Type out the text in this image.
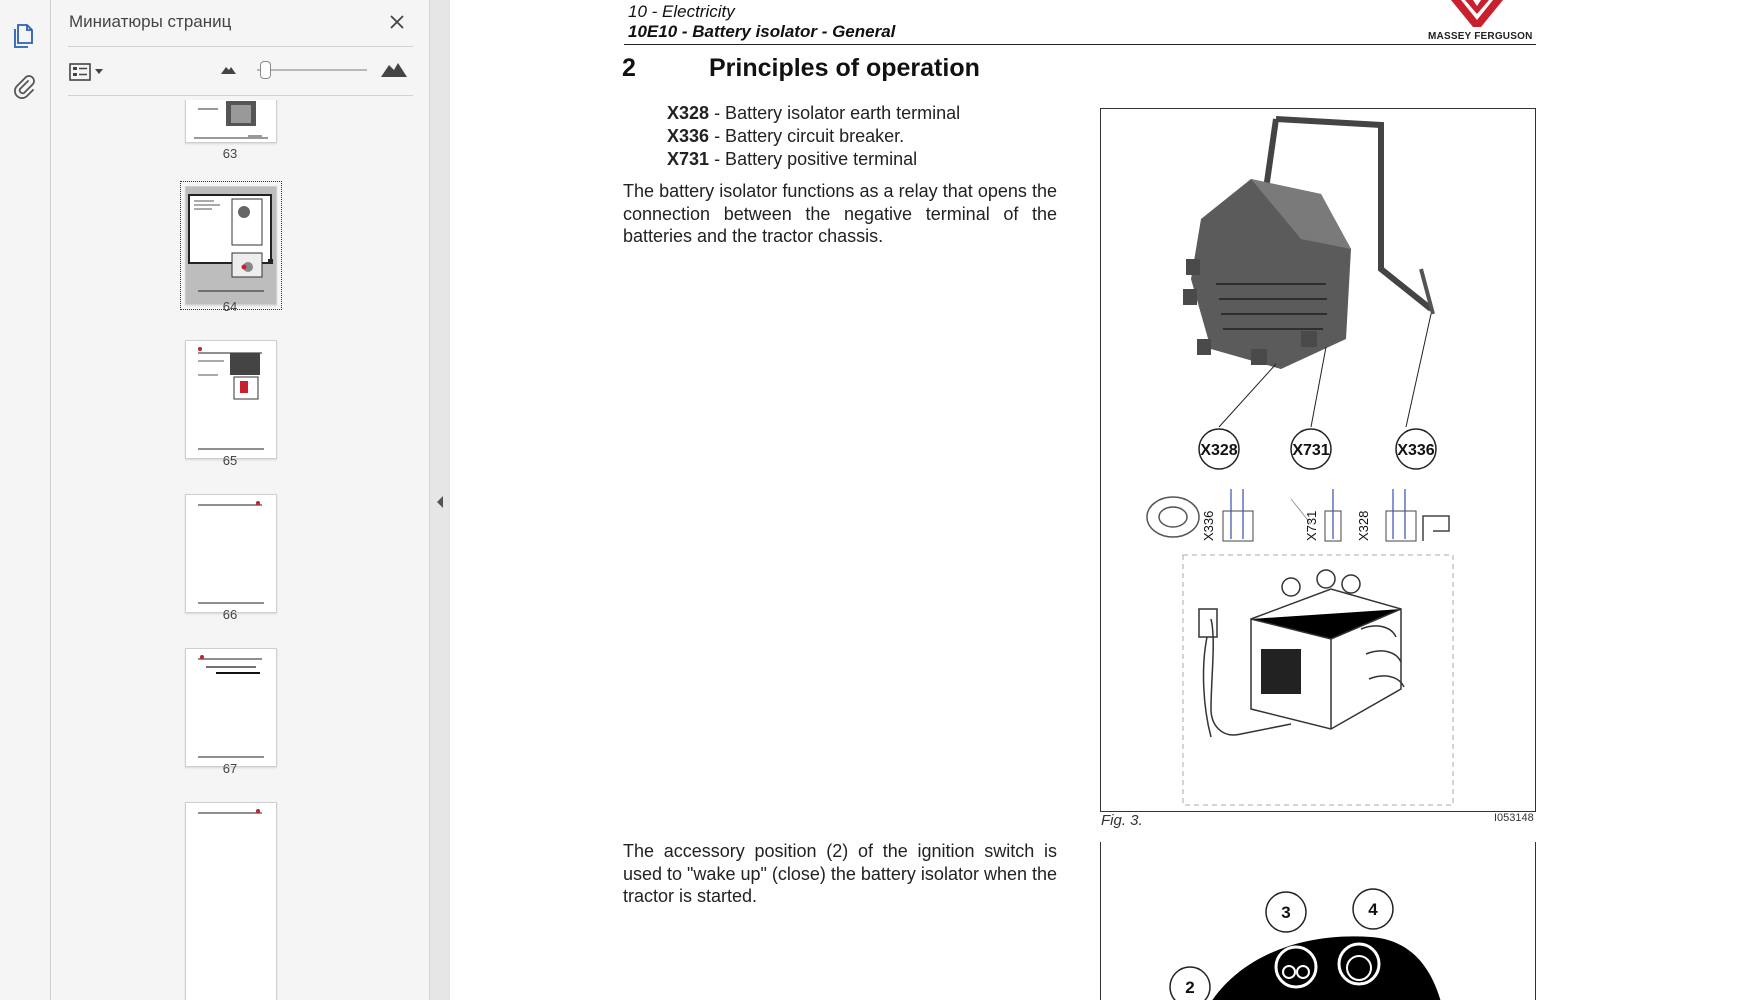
Миниатюры страниц
63
64
65
66
67
10 - Electricity
10E10 - Battery isolator - General	MASSEY FERGUSON
2	Principles of operation
X328 - Battery isolator earth terminal
X336 - Battery circuit breaker.
X731 - Battery positive terminal
The battery isolator functions as a relay that opens the connection between the negative terminal of the batteries and the tractor chassis.
The accessory position (2) of the ignition switch is used to "wake up" (close) the battery isolator when the tractor is started.
X328	X731	X336
X336	X731	X328
Fig. 3.	I053148
3	4
2
